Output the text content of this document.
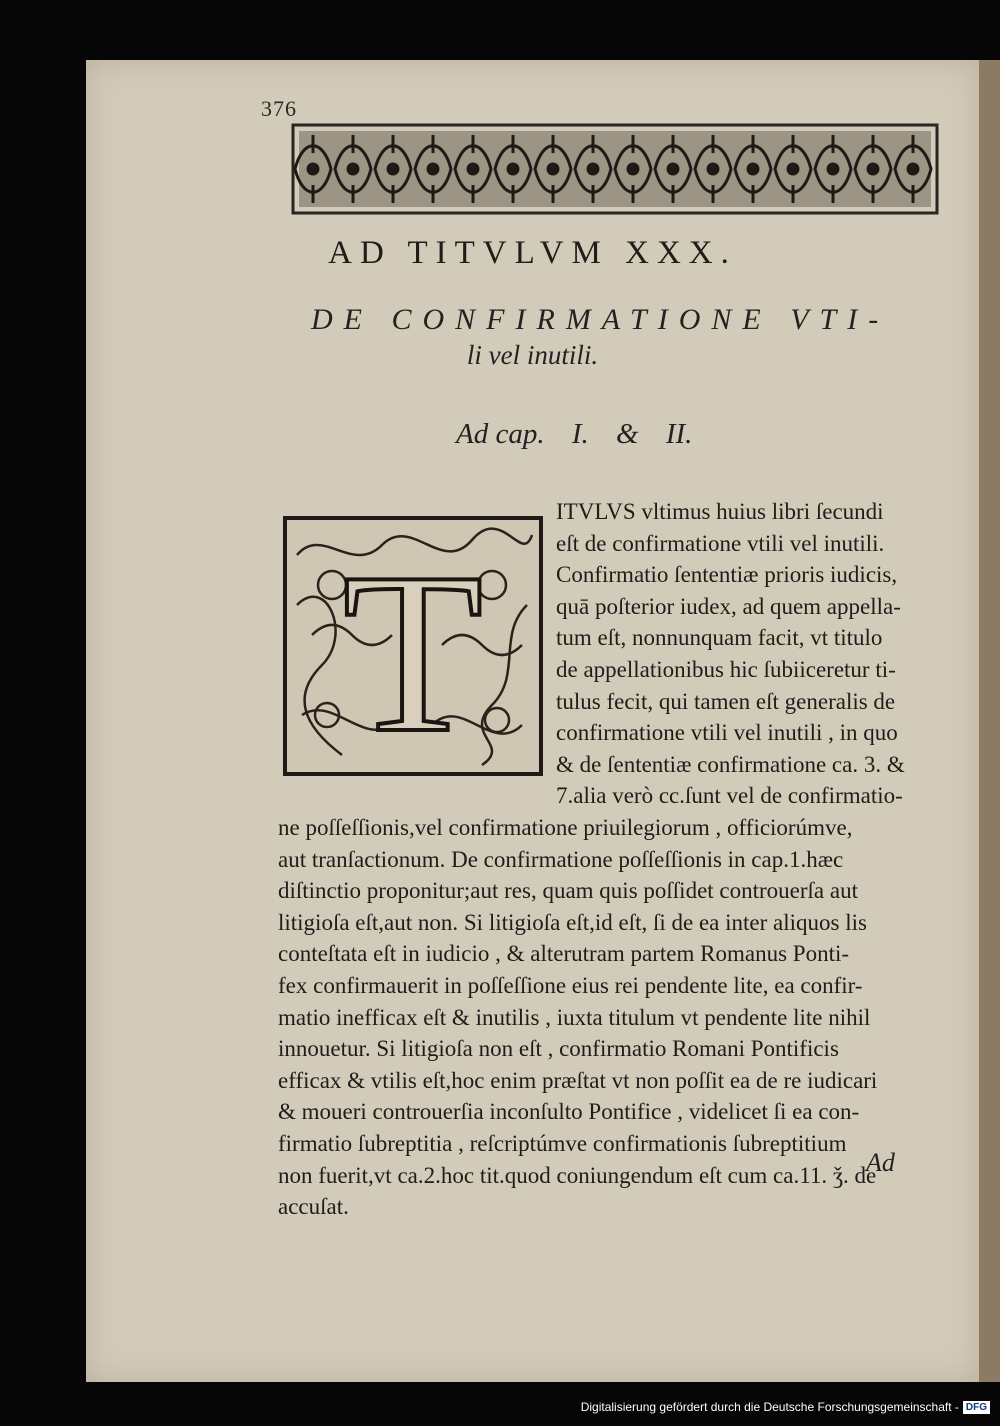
376
AD TITVLVM XXX.
DE CONFIRMATIONE VTI-
li vel inutili.
Ad cap. I. & II.
T
ITVLVS vltimus huius libri ſecundi
eſt de confirmatione vtili vel inutili.
Confirmatio ſententiæ prioris iudicis,
quā poſterior iudex, ad quem appella-
tum eſt, nonnunquam facit, vt titulo
de appellationibus hic ſubiiceretur ti-
tulus fecit, qui tamen eſt generalis de
confirmatione vtili vel inutili , in quo
& de ſententiæ confirmatione ca. 3. &
7.alia verò cc.ſunt vel de confirmatio-
ne poſſeſſionis,vel confirmatione priuilegiorum , officiorúmve,
aut tranſactionum. De confirmatione poſſeſſionis in cap.1.hæc
diſtinctio proponitur;aut res, quam quis poſſidet controuerſa aut
litigioſa eſt,aut non. Si litigioſa eſt,id eſt, ſi de ea inter aliquos lis
conteſtata eſt in iudicio , & alterutram partem Romanus Ponti-
fex confirmauerit in poſſeſſione eius rei pendente lite, ea confir-
matio inefficax eſt & inutilis , iuxta titulum vt pendente lite nihil
innouetur. Si litigioſa non eſt , confirmatio Romani Pontificis
efficax & vtilis eſt,hoc enim præſtat vt non poſſit ea de re iudicari
& moueri controuerſia inconſulto Pontifice , videlicet ſi ea con-
firmatio ſubreptitia , reſcriptúmve confirmationis ſubreptitium
non fuerit,vt ca.2.hoc tit.quod coniungendum eſt cum ca.11. ǯ. de
accuſat.
Ad
Digitalisierung gefördert durch die Deutsche Forschungsgemeinschaft - DFG
